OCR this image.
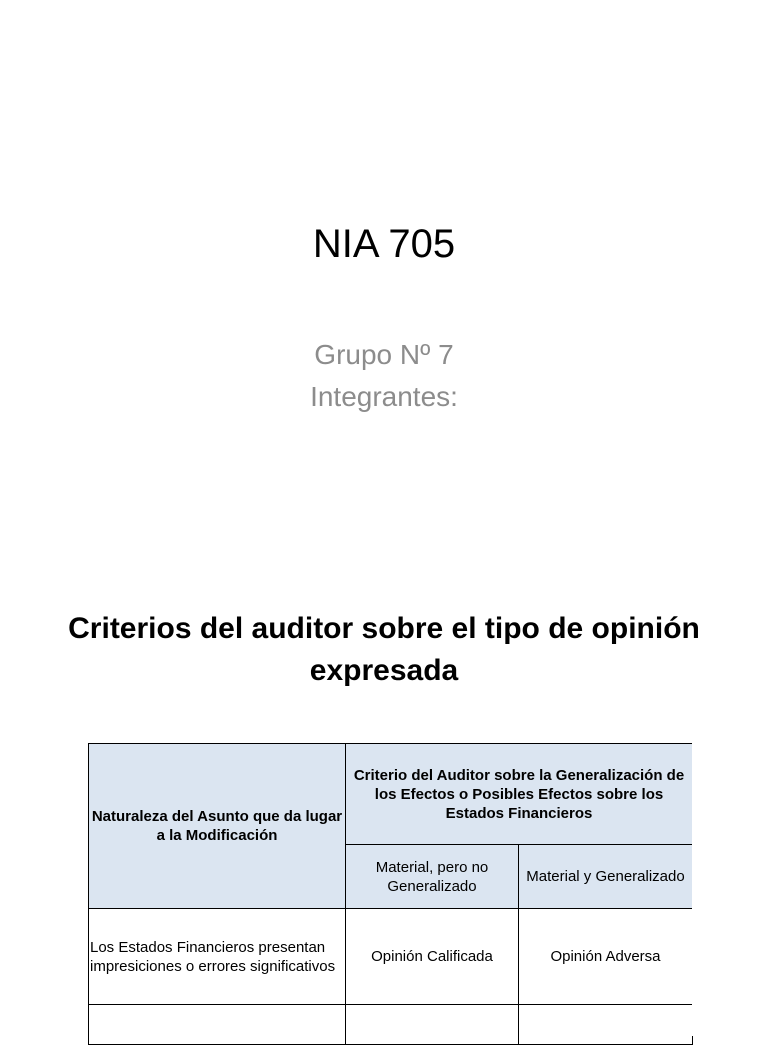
NIA 705
Grupo Nº 7
Integrantes:
Criterios del auditor sobre el tipo de opinión expresada
Naturaleza del Asunto que da lugar a la Modificación	Criterio del Auditor sobre la Generalización de los Efectos o Posibles Efectos sobre los Estados Financieros	
	Material, pero no Generalizado	Material y Generalizado
Los Estados Financieros presentan impresiciones o errores significativos	Opinión Calificada	Opinión Adversa
